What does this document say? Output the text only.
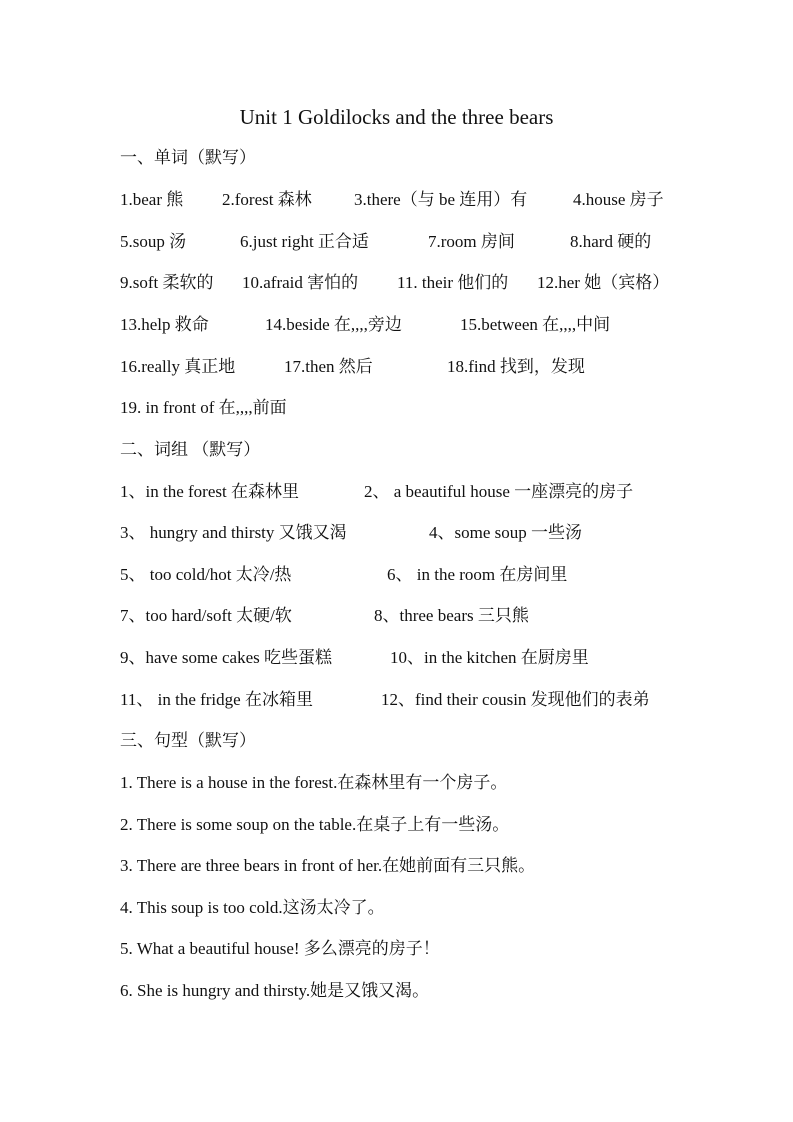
Unit 1 Goldilocks and the three bears
一、单词（默写）
1.bear 熊 2.forest 森林 3.there（与 be 连用）有	4.house 房子
5.soup 汤	6.just right 正合适	7.room 房间	8.hard 硬的
9.soft 柔软的 10.afraid 害怕的 11. their 他们的 12.her 她（宾格）
13.help 救命	14.beside 在,,,,旁边	15.between 在,,,,中间
16.really 真正地	17.then 然后	18.find 找到，发现
19. in front of 在,,,,前面
二、词组 （默写）
1、in the forest 在森林里	2、 a beautiful house 一座漂亮的房子
3、 hungry and thirsty 又饿又渴	4、some soup 一些汤
5、 too cold/hot 太冷/热	6、 in the room 在房间里
7、too hard/soft 太硬/软	8、three bears 三只熊
9、have some cakes 吃些蛋糕	10、in the kitchen 在厨房里
11、 in the fridge 在冰箱里	12、find their cousin 发现他们的表弟
三、句型（默写）
1. There is a house in the forest.在森林里有一个房子。
2. There is some soup on the table.在桌子上有一些汤。
3. There are three bears in front of her.在她前面有三只熊。
4. This soup is too cold.这汤太冷了。
5. What a beautiful house! 多么漂亮的房子！
6. She is hungry and thirsty.她是又饿又渴。
